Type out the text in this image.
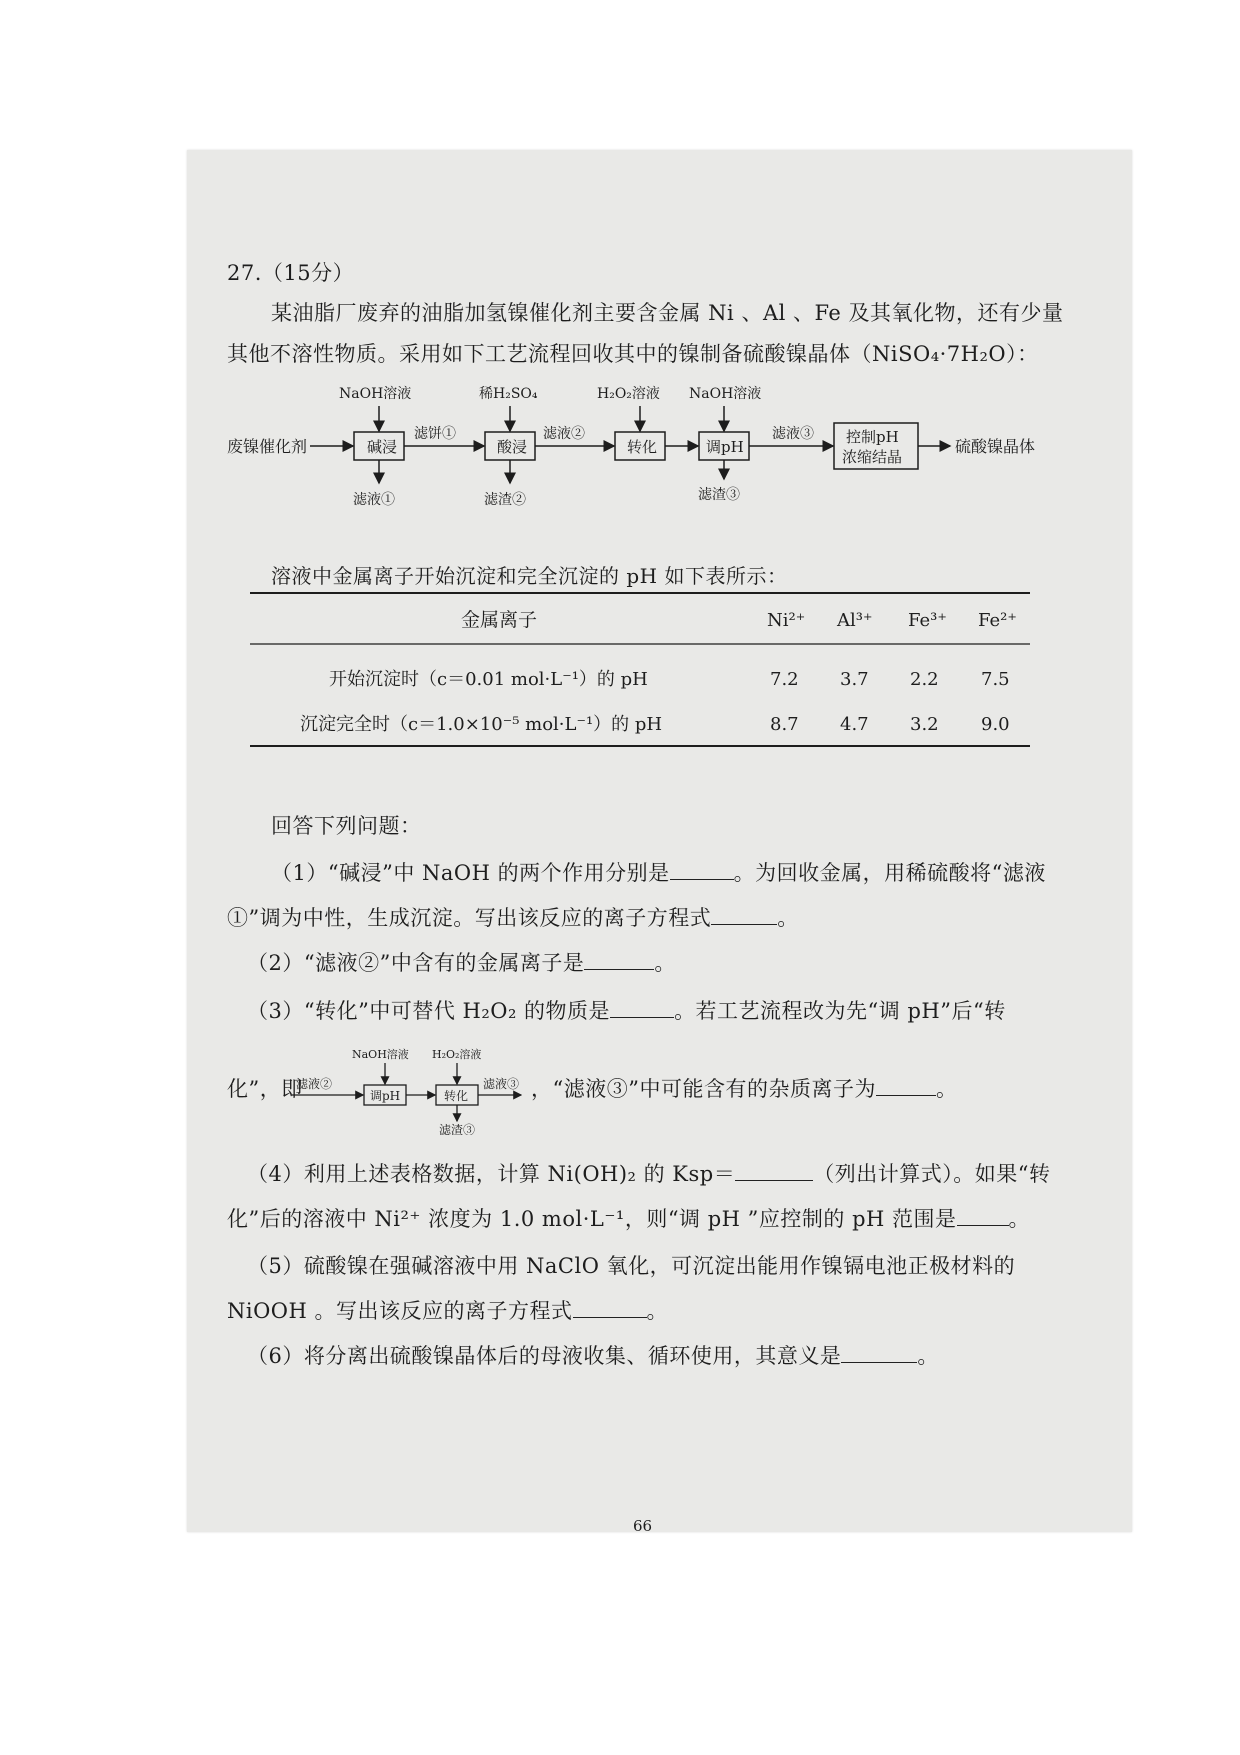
27.（15分）
某油脂厂废弃的油脂加氢镍催化剂主要含金属 Ni 、Al 、Fe 及其氧化物，还有少量
其他不溶性物质。采用如下工艺流程回收其中的镍制备硫酸镍晶体（NiSO₄·7H₂O）：
废镍催化剂	碱浸	酸浸	转化	调pH
控制pH
浓缩结晶
硫酸镍晶体
NaOH溶液	稀H₂SO₄	H₂O₂溶液 NaOH溶液
滤饼①	滤液②	滤液③
滤液①	滤渣②	滤渣③
溶液中金属离子开始沉淀和完全沉淀的 pH 如下表所示：
金属离子	Ni²⁺ Al³⁺ Fe³⁺ Fe²⁺
开始沉淀时（c＝0.01 mol·L⁻¹）的 pH	7.2 3.7 2.2 7.5
沉淀完全时（c＝1.0×10⁻⁵ mol·L⁻¹）的 pH	8.7 4.7 3.2 9.0
回答下列问题：
（1）“碱浸”中 NaOH 的两个作用分别是	。为回收金属，用稀硫酸将“滤液
①”调为中性，生成沉淀。写出该反应的离子方程式	。
（2）“滤液②”中含有的金属离子是	。
（3）“转化”中可替代 H₂O₂ 的物质是	。若工艺流程改为先“调 pH”后“转
化”，即
滤液②
调pH	转化
NaOH溶液 H₂O₂溶液
滤液③
滤渣③
，“滤液③”中可能含有的杂质离子为	。
（4）利用上述表格数据，计算 Ni(OH)₂ 的 Ksp＝	（列出计算式）。如果“转
化”后的溶液中 Ni²⁺ 浓度为 1.0 mol·L⁻¹，则“调 pH ”应控制的 pH 范围是 。
（5）硫酸镍在强碱溶液中用 NaClO 氧化，可沉淀出能用作镍镉电池正极材料的
NiOOH 。写出该反应的离子方程式	。
（6）将分离出硫酸镍晶体后的母液收集、循环使用，其意义是	。
66
